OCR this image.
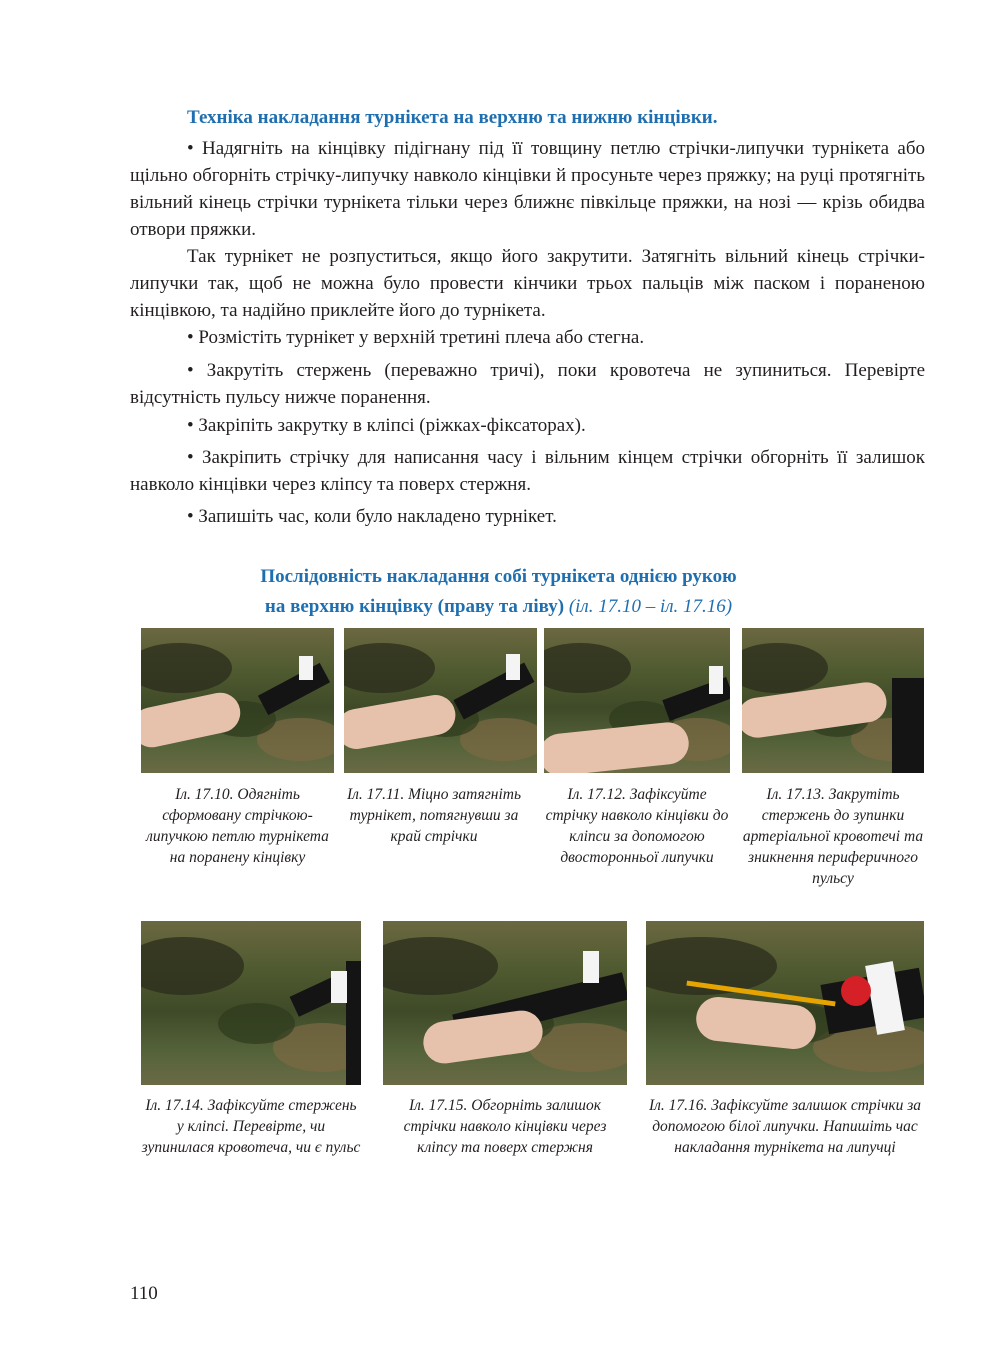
Техніка накладання турнікета на верхню та нижню кінцівки.

• Надягніть на кінцівку підігнану під її товщину петлю стрічки-липучки турнікета або щільно обгорніть стрічку-липучку навколо кінцівки й просуньте через пряжку; на руці протягніть вільний кінець стрічки турнікета тільки через ближнє півкільце пряжки, на нозі — крізь обидва отвори пряжки.

Так турнікет не розпуститься, якщо його закрутити. Затягніть вільний кінець стрічки-липучки так, щоб не можна було провести кінчики трьох пальців між паском і пораненою кінцівкою, та надійно приклейте його до турнікета.

• Розмістіть турнікет у верхній третині плеча або стегна.

• Закрутіть стержень (переважно тричі), поки кровотеча не зупиниться. Перевірте відсутність пульсу нижче поранення.

• Закріпіть закрутку в кліпсі (ріжках-фіксаторах).

• Закріпить стрічку для написання часу і вільним кінцем стрічки обгорніть її залишок навколо кінцівки через кліпсу та поверх стержня.

• Запишіть час, коли було накладено турнікет.

Послідовність накладання собі турнікета однією рукою
на верхню кінцівку (праву та ліву) (іл. 17.10 – іл. 17.16)

Іл. 17.10. Одягніть сформовану стрічкою-липучкою петлю турнікета на поранену кінцівку

Іл. 17.11. Міцно затягніть турнікет, потягнувши за край стрічки

Іл. 17.12. Зафіксуйте стрічку навколо кінцівки до кліпси за допомогою двосторонньої липучки

Іл. 17.13. Закрутіть стержень до зупинки артеріальної кровотечі та зникнення периферичного пульсу

Іл. 17.14. Зафіксуйте стержень у кліпсі. Перевірте, чи зупинилася кровотеча, чи є пульс

Іл. 17.15. Обгорніть залишок стрічки навколо кінцівки через кліпсу та поверх стержня

Іл. 17.16. Зафіксуйте залишок стрічки за допомогою білої липучки. Напишіть час накладання турнікета на липучці

110
